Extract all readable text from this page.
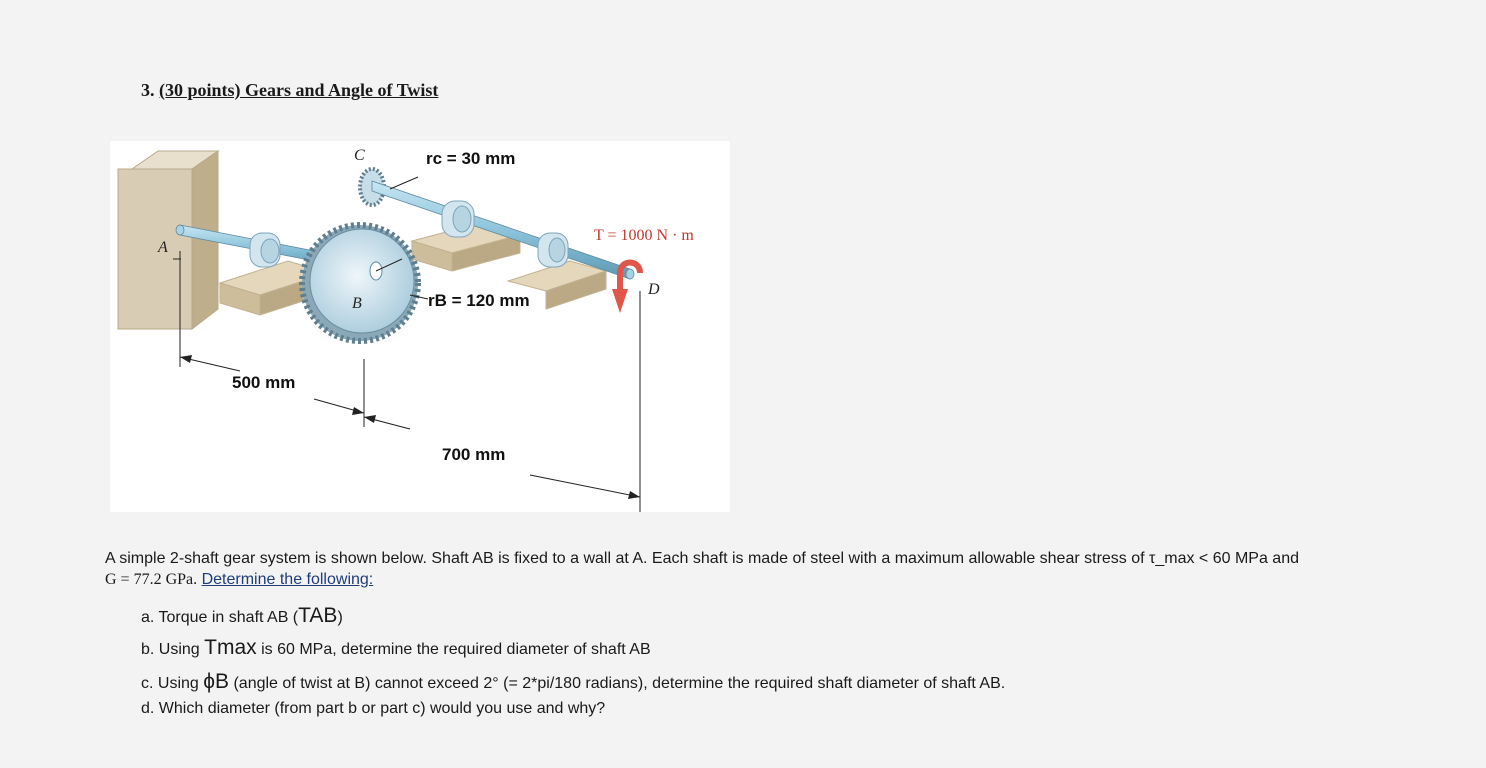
3. (30 points) Gears and Angle of Twist
C	rc = 30 mm
T = 1000 N · m
A
D
B	rB = 120 mm
500 mm
700 mm
A simple 2-shaft gear system is shown below. Shaft AB is fixed to a wall at A. Each shaft is made of steel with a maximum allowable shear stress of τ_max < 60 MPa and
G = 77.2 GPa. Determine the following:
a. Torque in shaft AB (TAB)
b. Using Tmax is 60 MPa, determine the required diameter of shaft AB
c. Using ϕB (angle of twist at B) cannot exceed 2° (= 2*pi/180 radians), determine the required shaft diameter of shaft AB.
d. Which diameter (from part b or part c) would you use and why?
